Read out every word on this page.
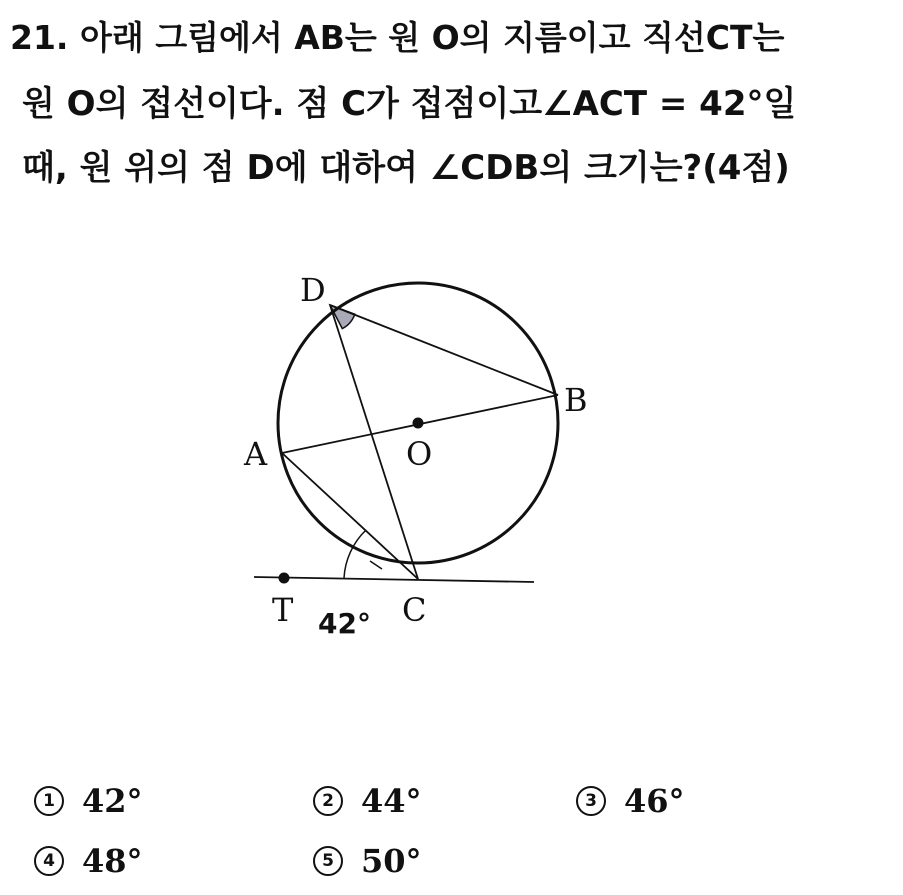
21. 아래 그림에서 AB는 원 O의 지름이고 직선CT는
원 O의 접선이다. 점 C가 접점이고∠ACT = 42°일
때, 원 위의 점 D에 대하여 ∠CDB의 크기는?(4점)
D
B
A	O
T	C
42°
1 42°	2 44°	3 46°
4 48°	5 50°
